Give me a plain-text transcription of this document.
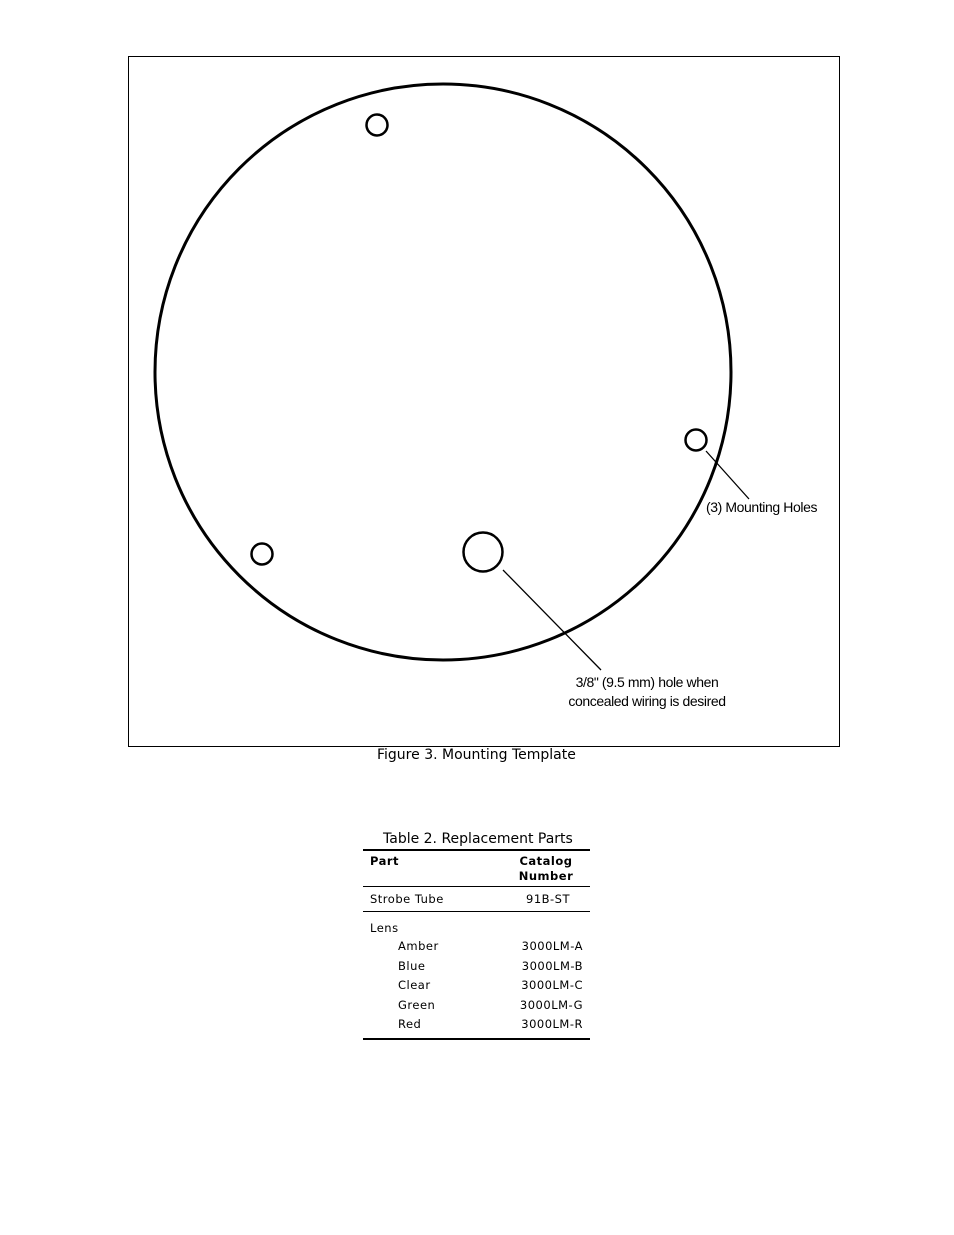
(3) Mounting Holes
3/8" (9.5 mm) hole when concealed wiring is desired
Figure 3. Mounting Template
Table 2. Replacement Parts
Part	Catalog Number
Strobe Tube	91B-ST
Lens	
Amber	3000LM-A
Blue	3000LM-B
Clear	3000LM-C
Green	3000LM-G
Red	3000LM-R
